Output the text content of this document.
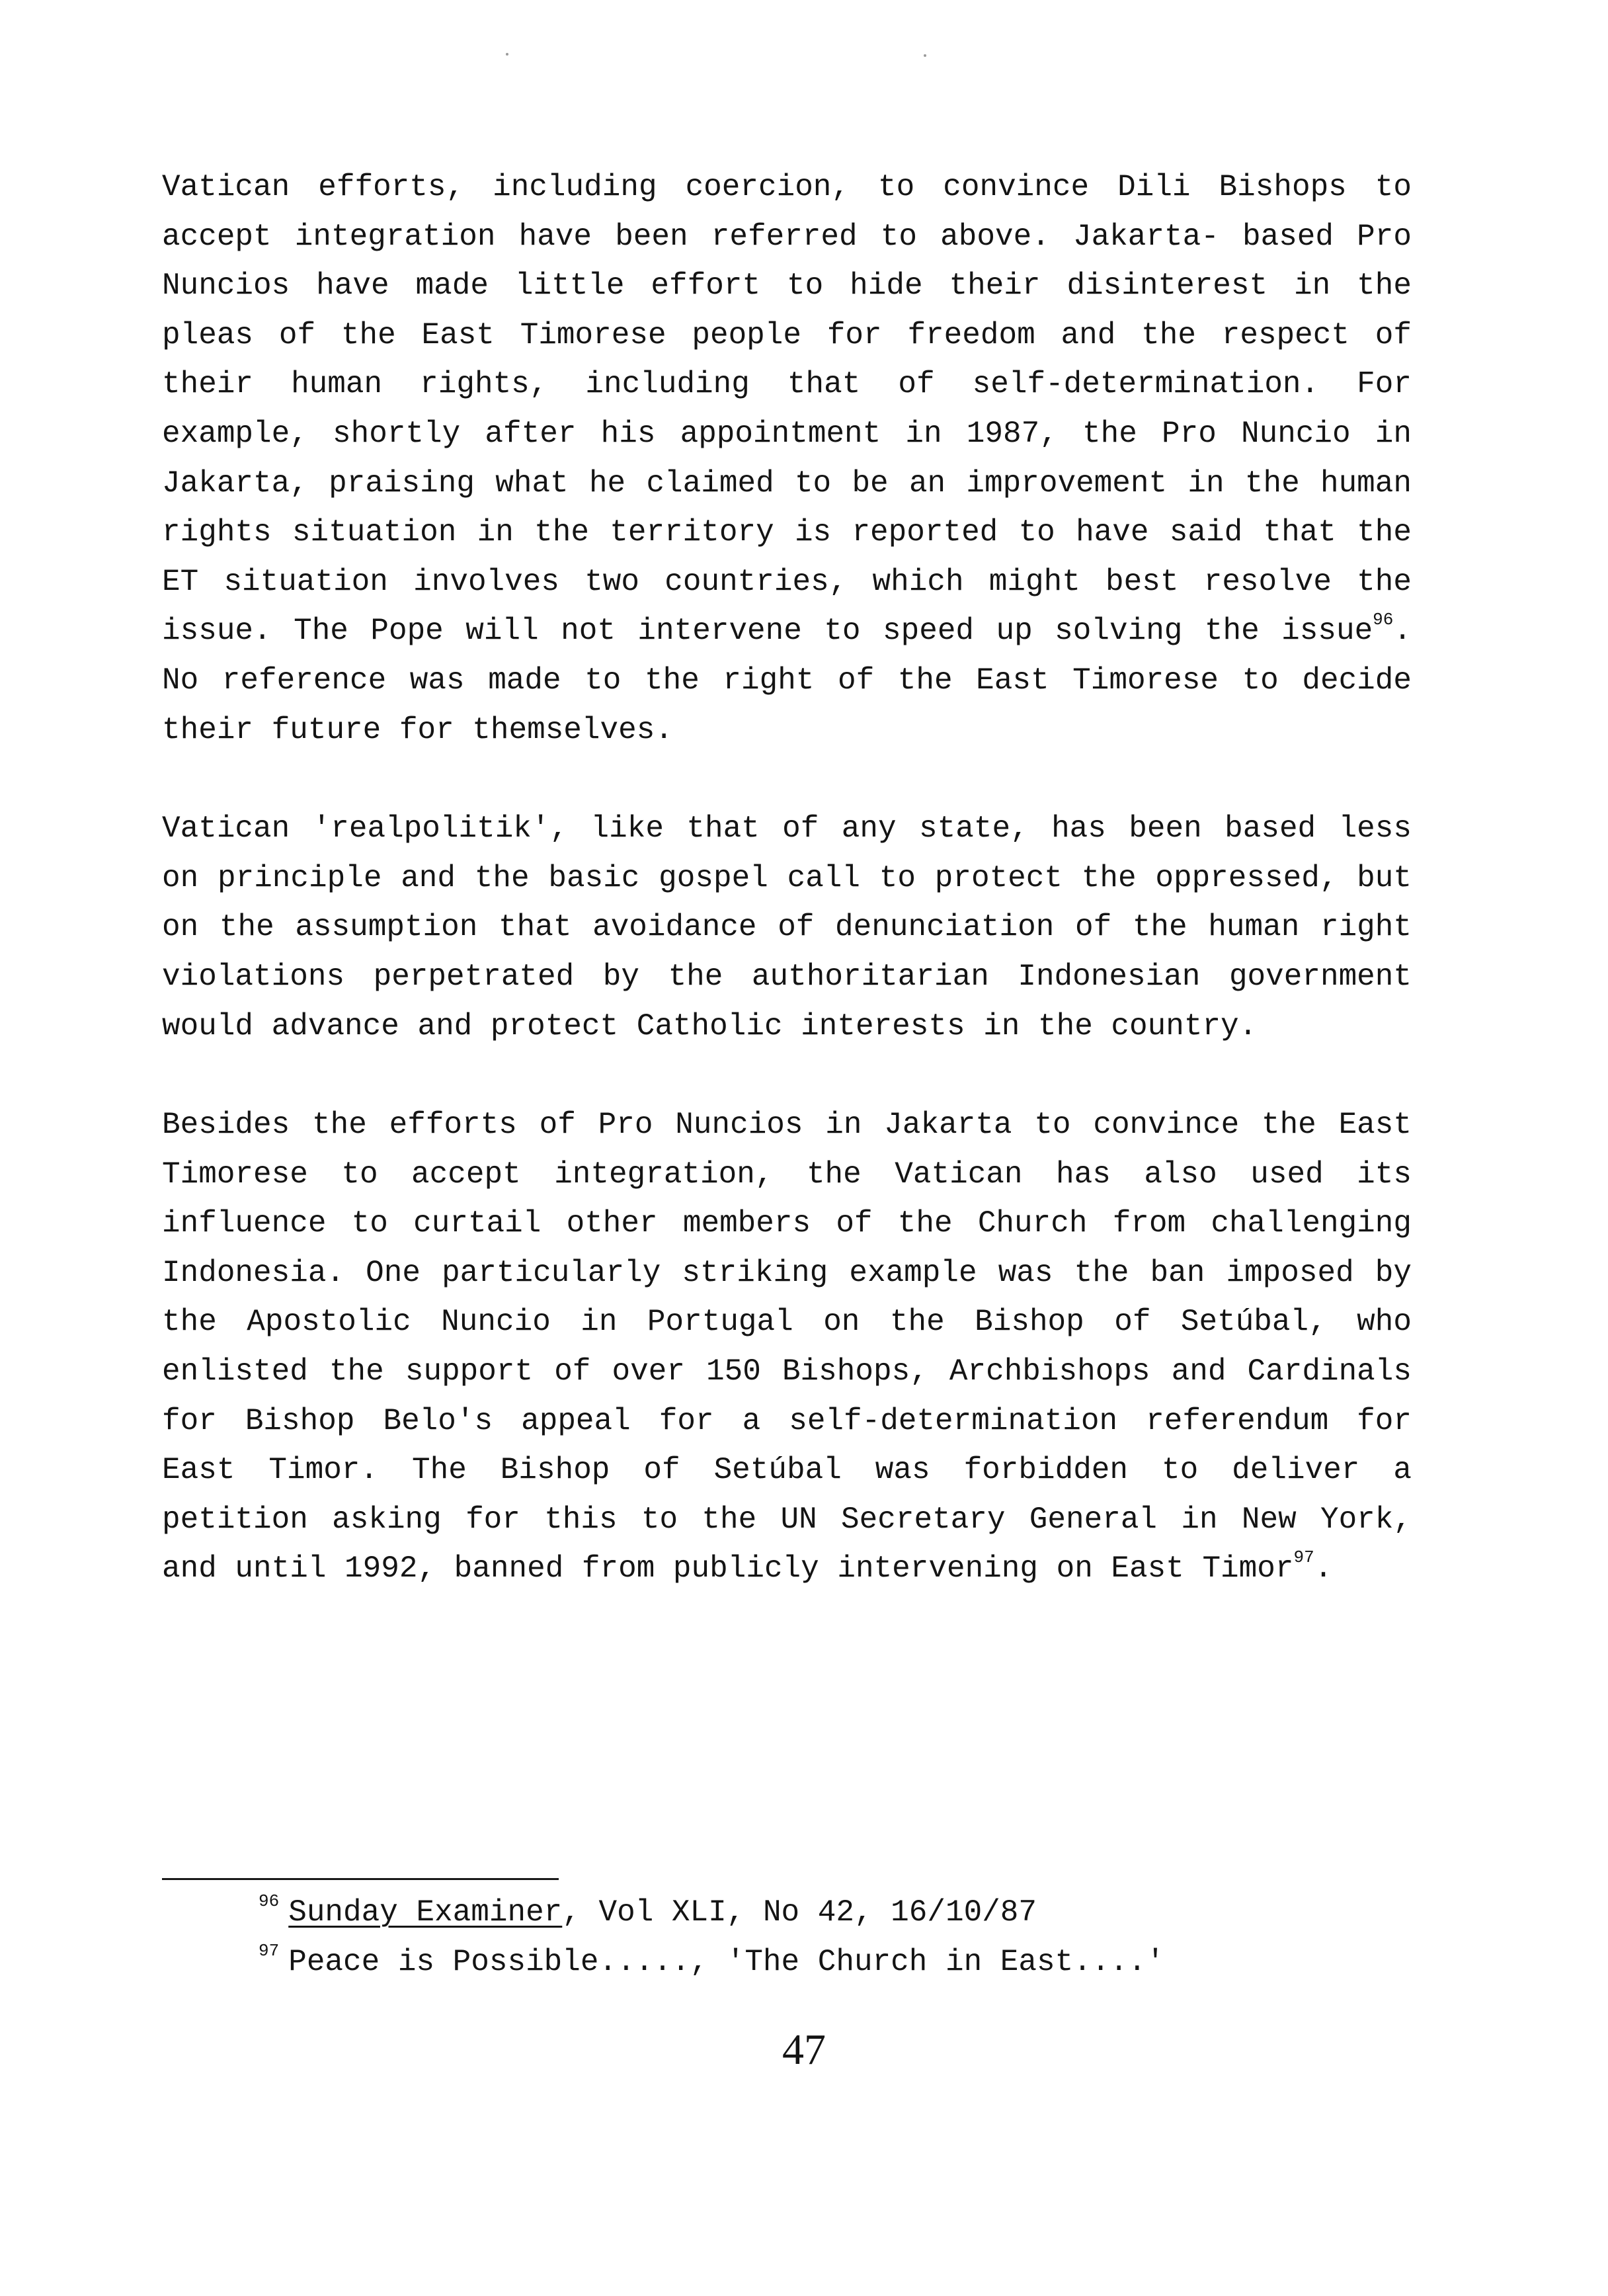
Vatican efforts, including coercion, to convince Dili Bishops to accept integration have been referred to above. Jakarta- based Pro Nuncios have made little effort to hide their disinterest in the pleas of the East Timorese people for freedom and the respect of their human rights, including that of self-determination. For example, shortly after his appointment in 1987, the Pro Nuncio in Jakarta, praising what he claimed to be an improvement in the human rights situation in the territory is reported to have said that the ET situation involves two countries, which might best resolve the issue. The Pope will not intervene to speed up solving the issue$^{96}$. No reference was made to the right of the East Timorese to decide their future for themselves.

Vatican 'realpolitik', like that of any state, has been based less on principle and the basic gospel call to protect the oppressed, but on the assumption that avoidance of denunciation of the human right violations perpetrated by the authoritarian Indonesian government would advance and protect Catholic interests in the country.

Besides the efforts of Pro Nuncios in Jakarta to convince the East Timorese to accept integration, the Vatican has also used its influence to curtail other members of the Church from challenging Indonesia. One particularly striking example was the ban imposed by the Apostolic Nuncio in Portugal on the Bishop of Setúbal, who enlisted the support of over 150 Bishops, Archbishops and Cardinals for Bishop Belo's appeal for a self-determination referendum for East Timor. The Bishop of Setúbal was forbidden to deliver a petition asking for this to the UN Secretary General in New York, and until 1992, banned from publicly intervening on East Timor$^{97}$.

$^{96}$ Sunday Examiner, Vol XLI, No 42, 16/10/87
$^{97}$ Peace is Possible....., 'The Church in East....'
47
